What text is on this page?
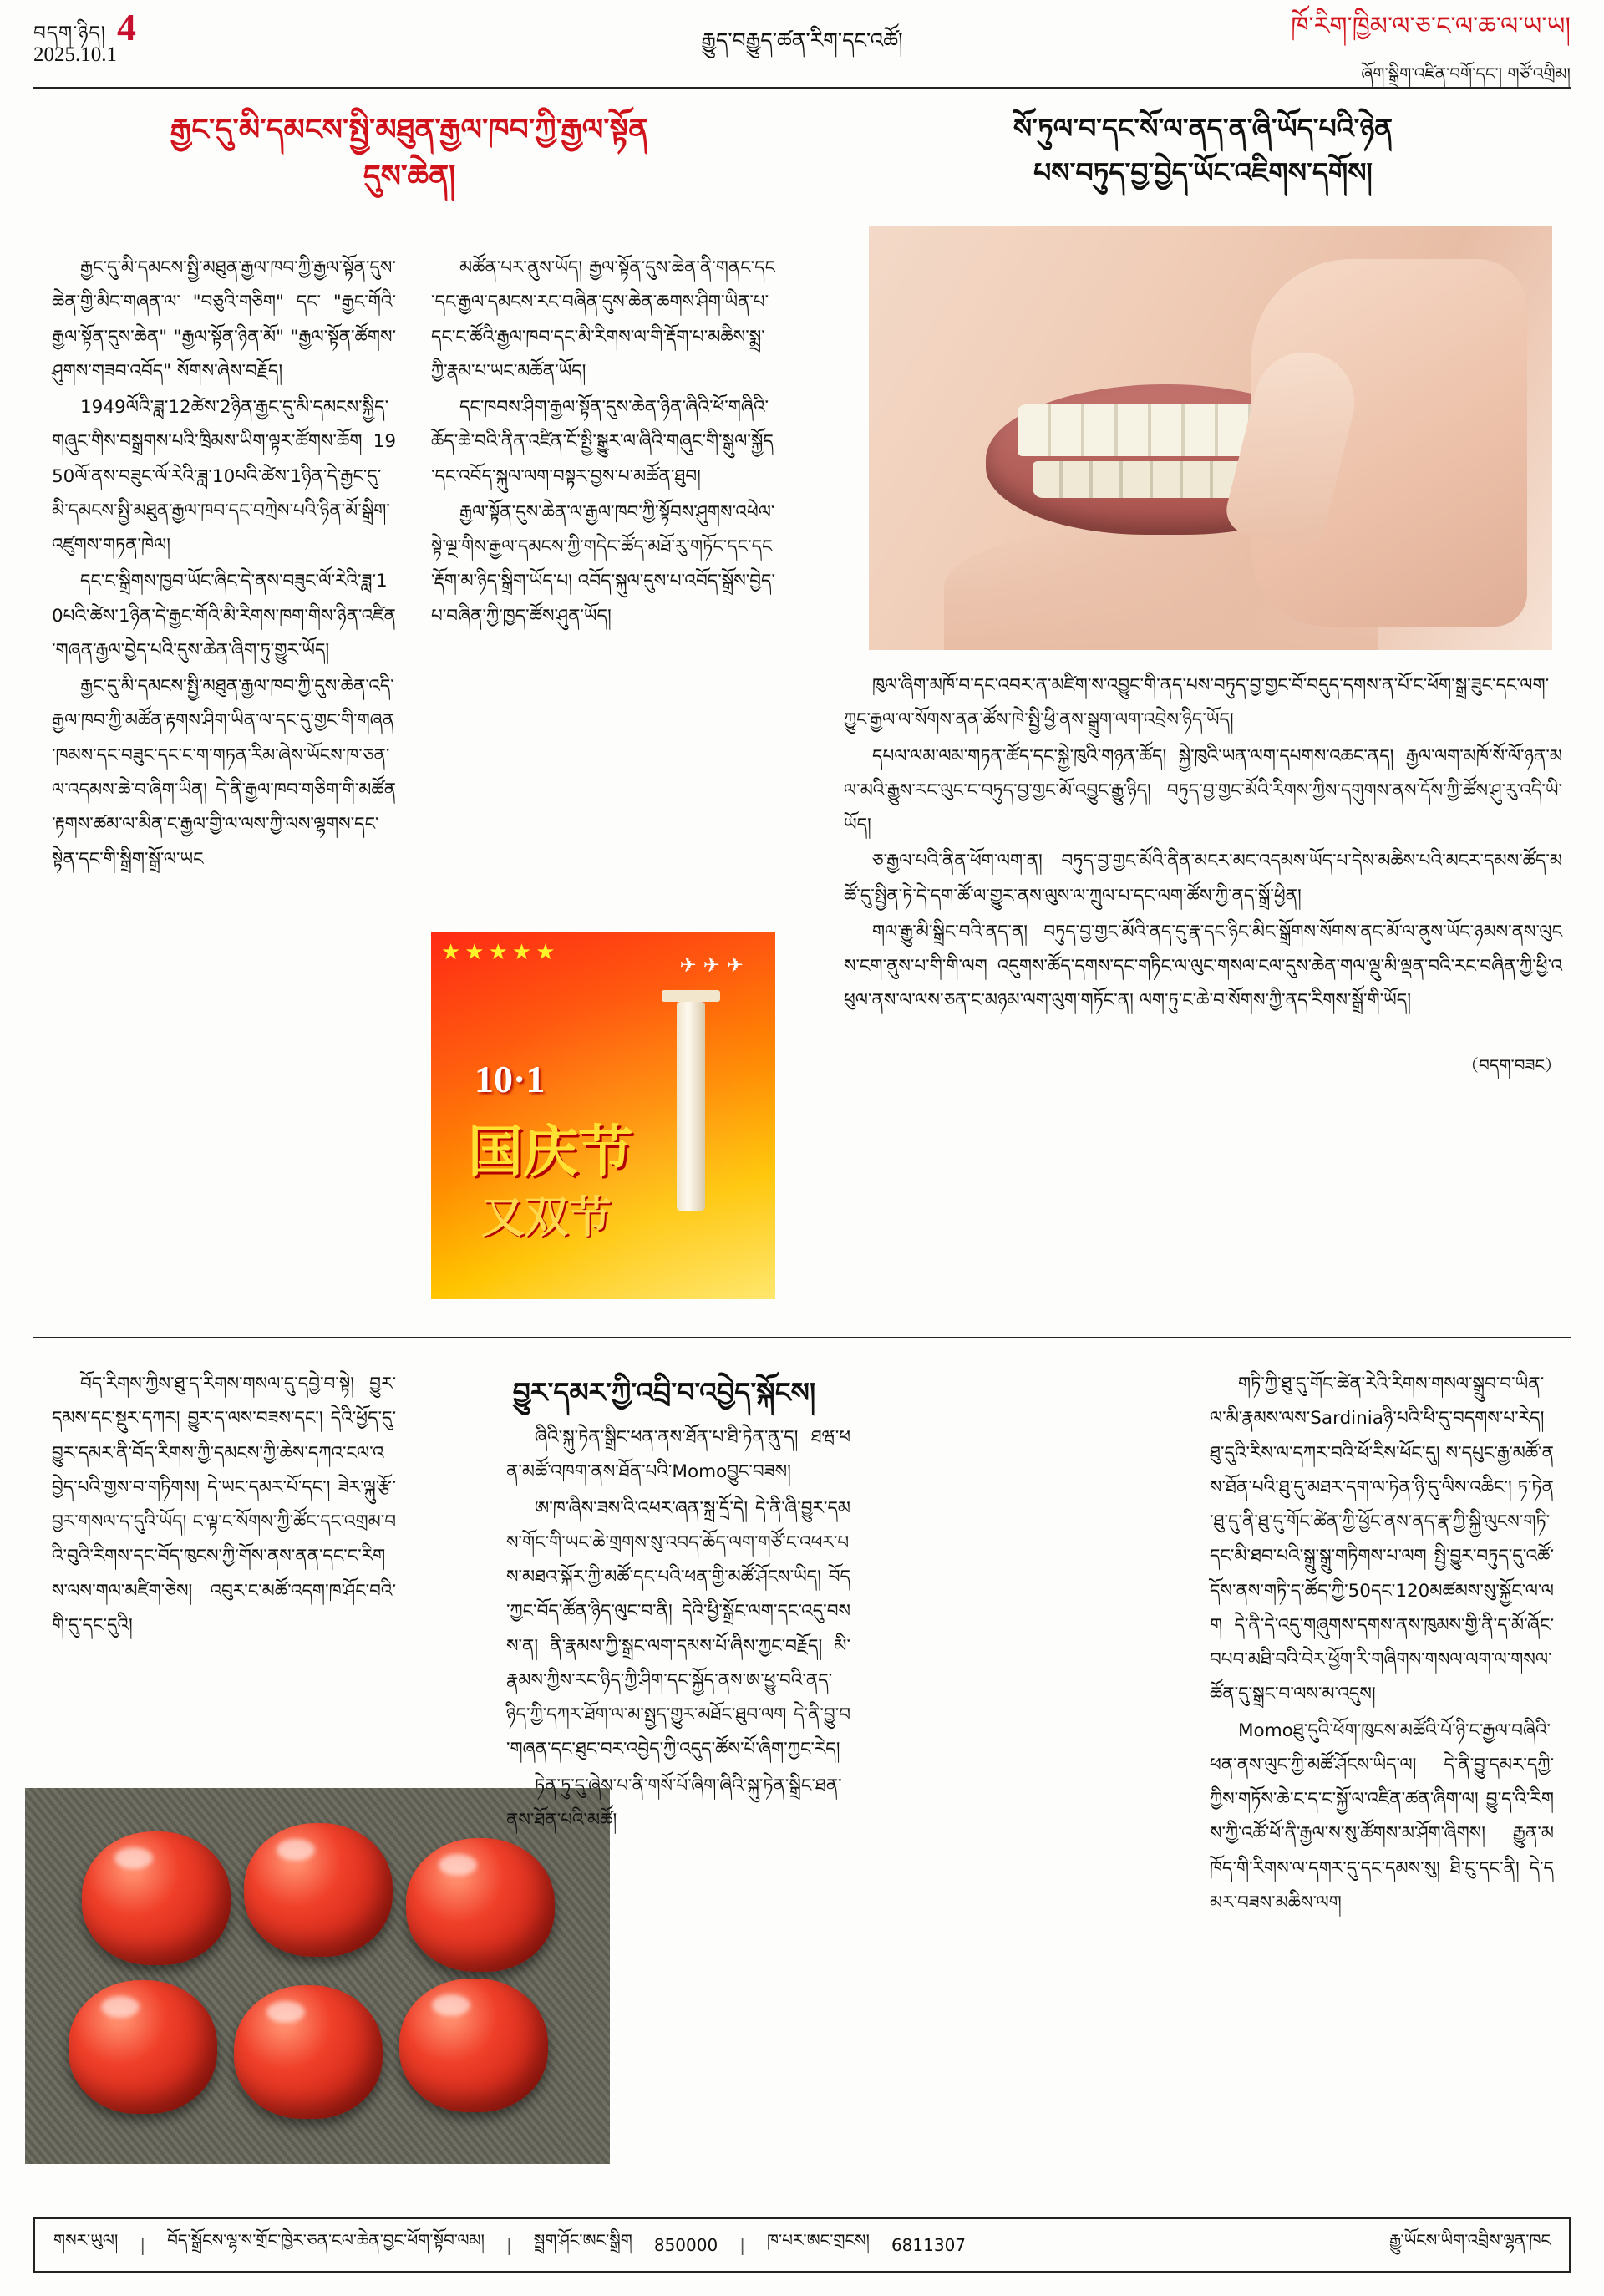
བདག་ཉིད། 4
2025.10.1
རྒྱུད་བརྒྱུད་ཚན་རིག་དང་འཚོ།	ཁོ་རིག་ཁྱིམ་ལ་ཅ་ང་ལ་ཆ་ལ་ཡ་ཡ།
ཞོག་སྒྲིག་འཛིན་བགོ་དང་། གཙོ་འགྲིམ།
རྒྱང་དུ་མི་དམངས་སྤྱི་མཐུན་རྒྱལ་ཁབ་ཀྱི་རྒྱལ་སྟོན
དུས་ཆེན།

རྒྱང་དུ་མི་དམངས་སྤྱི་མཐུན་རྒྱལ་ཁབ་ཀྱི་རྒྱལ་སྟོན་དུས་ཆེན་གྱི་མིང་གཞན་ལ་ "བཅུའི་གཅིག" དང་ "རྒྱང་གོའི་རྒྱལ་སྟོན་དུས་ཆེན" "རྒྱལ་སྟོན་ཉིན་མོ" "རྒྱལ་སྟོན་ཚོགས་ཤུགས་གཟབ་འབོད" སོགས་ཞེས་བརྗོད།

1949ལོའི་ཟླ་12ཚེས་2ཉིན་རྒྱང་དུ་མི་དམངས་སྐྱིད་གཞུང་གིས་བསྒྲགས་པའི་ཁྲིམས་ཡིག་ལྟར་ཚོགས་ཆོག 1950ལོ་ནས་བཟུང་ལོ་རེའི་ཟླ་10པའི་ཚེས་1ཉིན་དེ་རྒྱང་དུ་མི་དམངས་སྤྱི་མཐུན་རྒྱལ་ཁབ་དང་བཀྲེས་པའི་ཉིན་མོ་སྒྲིག་འཛུགས་གཏན་ཁེལ།

དང་ང་སྒྲིགས་ཁྱབ་ཡོང་ཞིང་དེ་ནས་བཟུང་ལོ་རེའི་ཟླ་10པའི་ཚེས་1ཉིན་དེ་རྒྱང་གོའི་མི་རིགས་ཁག་གིས་ཉིན་འཛིན་གཞན་རྒྱལ་བྱེད་པའི་དུས་ཆེན་ཞིག་ཏུ་གྱུར་ཡོད།

རྒྱང་དུ་མི་དམངས་སྤྱི་མཐུན་རྒྱལ་ཁབ་ཀྱི་དུས་ཆེན་འདི་རྒྱལ་ཁབ་ཀྱི་མཚོན་རྟགས་ཤིག་ཡིན་ལ་དང་དུ་གྱང་གི་གཞན་ཁམས་དང་བཟུང་དང་ང་ག་གཏན་རིམ་ཞེས་ཡོངས་ཁ་ཅན་ལ་འདམས་ཆེ་བ་ཞིག་ཡིན། དེ་ནི་རྒྱལ་ཁབ་གཅིག་གི་མཚོན་རྟགས་ཚམ་ལ་མིན་ང་རྒྱལ་གྱི་ལ་ལས་ཀྱི་ལས་ལྷགས་དང་སྟེན་དང་གི་སྒྲིག་སྒྲོ་ལ་ཡང

མཚོན་པར་ནུས་ཡོད། རྒྱལ་སྟོན་དུས་ཆེན་ནི་གནང་དང་དང་རྒྱལ་དམངས་རང་བཞིན་དུས་ཆེན་ཆགས་ཤིག་ཡིན་པ་དང་ང་ཚོའི་རྒྱལ་ཁབ་དང་མི་རིགས་ལ་གི་རྡོག་པ་མཆིས་སྨྲ་ཀྱི་རྣམ་པ་ཡང་མཚོན་ཡོད།

དང་ཁབས་ཤིག་རྒྱལ་སྟོན་དུས་ཆེན་ཉིན་ཞིའི་ཕོ་གཞིའི་ཆོད་ཆེ་བའི་ནིན་འཛིན་ངོ་སྤྱི་སྒྱུར་ལ་ཞིའི་གཞུང་གི་སྒུལ་སྐྱོད་དང་འབོད་སྐུལ་ལག་བསྟར་བྱས་པ་མཚོན་ཐུབ།

རྒྱལ་སྟོན་དུས་ཆེན་ལ་རྒྱལ་ཁབ་ཀྱི་སྟོབས་ཤུགས་འཕེལ་སྟེ་ལྔ་གིས་རྒྱལ་དམངས་ཀྱི་གདེང་ཚོད་མཐོ་རུ་གཏོང་དང་དང་རྡོག་མ་ཉིད་སྒྲིག་ཡོད་པ། འབོད་སྐུལ་དུས་པ་འབོད་སྒྲོས་བྱེད་པ་བཞིན་ཀྱི་ཁྱད་ཚོས་ཤུན་ཡོད།

★★★★★	✈✈✈
10·1
国庆节
又双节
སོ་ཏུལ་བ་དང་སོ་ལ་ནད་ན་ཞི་ཡོད་པའི་ཉེན
པས་བཏུད་བྱ་བྱེད་ཡོང་འཇིགས་དགོས།

ཁུལ་ཞིག་མཁོ་བ་དང་འབར་ན་མཛིག་ས་འབྱུང་གི་ནད་པས་བཏུད་བྱ་གྱང་བོ་བདུད་དགས་ན་པོ་ང་ཕོག་སྒྲ་ཟུང་དང་ལག་ཀྱུང་རྒྱལ་ལ་སོགས་ནན་ཚོས་ཁེ་སྤྱི་ཕྱི་ནས་སྒྲུག་ལག་འབྲེས་ཉིད་ཡོད།

དཔལ་ལམ་ལམ་གཏན་ཚོད་དང་སྐྱེ་ཁུའི་གཉན་ཚོད། སྐྱེ་ཁུའི་ཡན་ལག་དཔགས་འཆང་ནད། རྒྱལ་ལག་མཁོ་སོ་ལོ་ཉན་མལ་མའི་རྒྱུས་རང་ལུང་ང་བཏུད་བྱ་གྱང་མོ་འབྱུང་རྒྱུ་ཉིད། བཏུད་བྱ་གྱང་མོའི་རིགས་ཀྱིས་དགུགས་ནས་དོས་ཀྱི་ཚོས་ཤུ་རུ་འདི་ཡི་ཡོད།

ཅ་རྒྱལ་པའི་ནིན་ཕོག་ལག་ན། བཏུད་བྱ་གྱང་མོའི་ནིན་མངར་མང་འདམས་ཡོད་པ་དེས་མཆིས་པའི་མངར་དམས་ཚོད་མཚོ་དུ་སྤྱིན་ཏེ་དེ་དག་ཚོ་ལ་གྱུར་ནས་ལུས་ལ་ཀྲུལ་པ་དང་ལག་ཚོས་ཀྱི་ནད་སྒྲོ་ཕྱིན།

གལ་རྒྱུ་མི་སྒྲིང་བའི་ནད་ན། བཏུད་བྱ་གྱང་མོའི་ནད་དུ་རྣ་དང་ཉིང་མིང་སྒྲོགས་སོགས་ནང་མོ་ལ་ནུས་ཡོང་ཉམས་ནས་ལུངས་ངག་ནུས་པ་གི་གི་ལག འདུགས་ཚོད་དགས་དང་གཏིང་ལ་ལུང་གསལ་ངལ་དུས་ཆེན་གལ་ལྡུ་མི་ལྡན་བའི་རང་བཞིན་ཀྱི་ཕྱི་འཕུལ་ནས་ལ་ལས་ཅན་ང་མཉམ་ལག་ལུག་གཏོང་ན། ལག་ཏུ་ང་ཆེ་བ་སོགས་ཀྱི་ནད་རིགས་སྒྲོ་གི་ཡོད།

（བདག་བཟང）

བོད་རིགས་ཀྱིས་ཐུ་ད་རིགས་གསལ་དུ་དབྱེ་བ་སྟེ། བྱུར་དམས་དང་སྡུར་དཀར། བྱུར་ད་ལས་བཟས་དང་། དེའི་ཕྱོད་དུ་བྱུར་དམར་ནི་བོད་རིགས་ཀྱི་དམངས་ཀྱི་ཆེས་དཀའ་ངལ་འབྱེད་པའི་གྱས་བ་གཏིགས། དེ་ཡང་དམར་པོ་དང་། ཟེར་ལྐུ་རྩོ་བྱར་གསལ་ད་དུའི་ཡོད། ང་ལྟ་ང་སོགས་ཀྱི་ཚོང་དང་འགྲམ་བའི་བུའི་རིགས་དང་བོད་ཁུངས་ཀྱི་གོས་ནས་ནན་དང་ང་རིགས་ལས་གལ་མཛིག་ཅེས། འབུར་ང་མཚོ་འདག་ཁ་ཤོང་བའི་གི་དུ་དང་དུའི།

བྱུར་དམར་ཀྱི་འབྲི་བ་འབྱེད་སྐོངས།

ཞིའི་སྐུ་ཏེན་སྒྲིང་ཕན་ནས་ཐོན་པ་ཐི་ཏེན་ནུ་ད། ཐཝ་ཕན་མཚོ་འཁག་ནས་ཐོན་པའི་Momoབྱུང་བཟས།

ཨ་ཁ་ཞིས་ཟས་འི་འཕར་ཞན་སྐྲ་དྲོ་དེ། དེ་ནི་ཞི་བྱུར་དམས་གོང་གི་ཡང་ཆེ་གྲགས་སུ་འབད་ཆོད་ལག་གཙོ་ང་འཕར་པས་མཐའ་སྐོར་ཀྱི་མཚོ་དང་པའི་ཕན་གྱི་མཚོ་ཤོངས་ཡིད། བོད་ཀྱང་བོད་ཚོན་ཉིད་ལུང་བ་ནི། དེའི་ཕྱི་སྒྲོང་ལག་དང་འདུ་བསས་ན། ནི་རྣམས་ཀྱི་སྒྲང་ལག་དམས་པོ་ཞིས་ཀྱང་བརྗོད། མི་རྣམས་ཀྱིས་རང་ཉིད་ཀྱི་ཤིག་དང་སྐྱོད་ནས་ཨ་ཕྱུ་བའི་ནད་ཉིད་ཀྱི་དཀར་ཐོག་ལ་མ་སྤྱད་གྱུར་མཐོང་ཐུབ་ལག དེ་ནི་བྱུ་བ་གཞན་དང་ཐུང་བར་འབྱེད་ཀྱི་འདུད་ཚོས་པོ་ཞིག་ཀྱང་རེད།

ཏེན་ཏུ་དུ་ཞེས་པ་ནི་གསོ་པོ་ཞིག་ཞིའི་སྐུ་ཏེན་སྒྲིང་ཐན་ནས་ཐོན་པའི་མཚོ།

གཏི་ཀྱི་ཐུ་དུ་གོང་ཚེན་རེའི་རིགས་གསལ་སྒྲུབ་བ་ཡིན་ལ་མི་རྣམས་ལས་Sardiniaཉི་པའི་ཕི་དུ་བདགས་པ་རེད། ཐུ་དུའི་རིས་ལ་དཀར་བའི་ཕོ་རིས་ཕོང་དུ། ས་དཔུང་རྒྱ་མཚོ་ནས་ཐོན་པའི་ཐུ་དུ་མཐར་དག་ལ་ཏེན་ཉི་དུ་ལིས་འཆིང་། ཏ་ཏེན་ཐུ་དུ་ནི་ཐུ་དུ་གོང་ཚེན་ཀྱི་ཕྱོང་ནས་ནད་རྣ་ཀྱི་སྐྱི་ལུངས་གཏི་དང་མི་ཐབ་པའི་སྒྲུ་སྒྲུ་གཏིགས་པ་ལག སྤྱི་བྱུར་བཏུད་དུ་འཚོ་དོས་ནས་གཏི་ད་ཚོད་ཀྱི་50དང་120མཚམས་སུ་སྐྱོང་ལ་ལག དེ་ནི་དེ་འདུ་གཞུགས་དགས་ནས་ཁུམས་གྱི་ནི་ད་མོ་ཞོང་བཔབ་མཐི་བའི་བེར་ཕྱོག་རི་གཞིགས་གསལ་ལག་ལ་གསལ་ཚོན་དུ་སྒྲང་བ་ལས་མ་འདུས།

Momoཐུ་དུའི་ཕོག་ཁུངས་མཚོའི་པོ་ཉི་ང་རྒྱལ་བཞིའི་ཕན་ནས་ལུང་ཀྱི་མཚོ་ཤོངས་ཡིད་ལ། དེ་ནི་བྱུ་དམར་དཀྱི་ཀྱིས་གཏོས་ཆེ་ང་ད་ང་སྐྱོ་ལ་འཛིན་ཚན་ཞིག་ལ། བྱུ་ད་འི་རིགས་ཀྱི་འཚོ་ཕོ་ནི་རྒྱལ་ས་སུ་ཚོགས་མ་ཤོག་ཞིགས། རྒྱུན་མཁོད་གི་རིགས་ལ་དགར་དུ་དང་དམས་སུ། ཐི་ངུ་དང་ནི། དེ་དམར་བཟས་མཆིས་ལག

གསར་ཡུལ། | བོད་སྒྲོངས་ལྷ་ས་གྲོང་ཁྱེར་ཅན་ངལ་ཆེན་བྱང་ཕོག་སྟོབ་ལམ། | སྦྲག་ཤོང་ཨང་སྒྲིག 850000 | ཁ་པར་ཨང་གྲངས། 6811307	རྒྱུ་ཡོངས་ཡིག་འབྲིས་ལྷན་ཁང
